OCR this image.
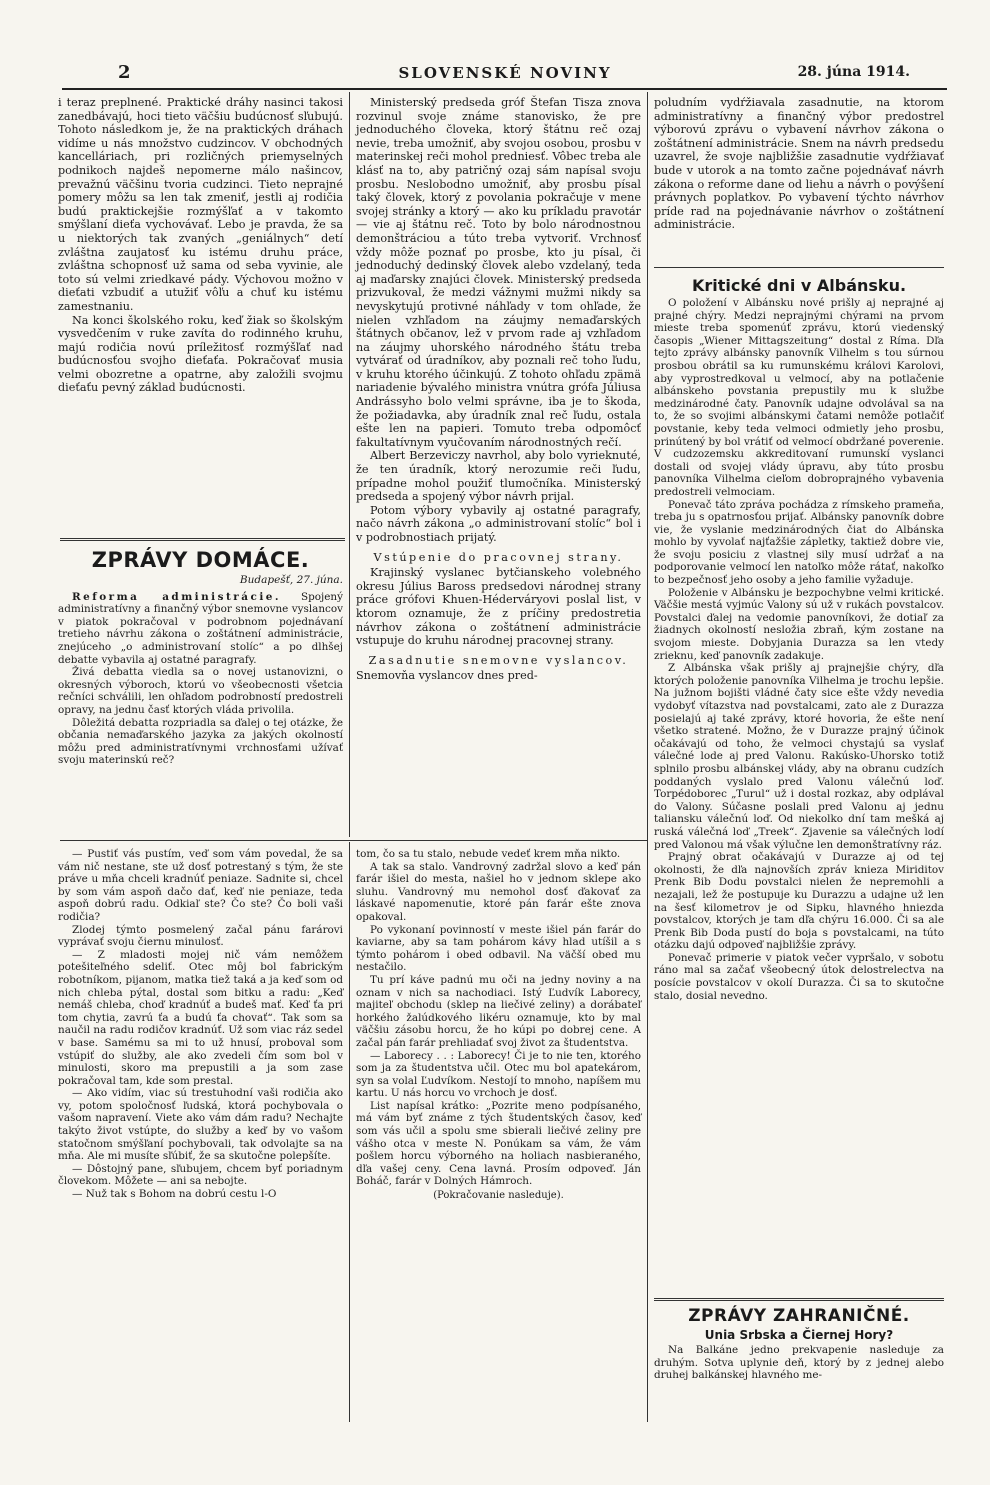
2	SLOVENSKÉ NOVINY	28. júna 1914.

i teraz preplnené. Praktické dráhy nasinci takosi zanedbávajú, hoci tieto väčšiu budúcnosť sľubujú. Tohoto následkom je, že na praktických dráhach vidíme u nás množstvo cudzincov. V obchodných kancelláriach, pri rozličných priemyselných podnikoch najdeš nepomerne málo našincov, prevažnú väčšinu tvoria cudzinci. Tieto neprajné pomery môžu sa len tak zmeniť, jestli aj rodičia budú praktickejšie rozmýšľať a v takomto smýšlaní dieťa vychovávať. Lebo je pravda, že sa u niektorých tak zvaných „geniálnych“ detí zvláštna zaujatosť ku istému druhu práce, zvláštna schopnosť už sama od seba vyvinie, ale toto sú velmi zriedkavé pády. Výchovou možno v dieťati vzbudiť a utužiť vôľu a chuť ku istému zamestnaniu.

Na konci školského roku, keď žiak so školským vysvedčením v ruke zavíta do rodinného kruhu, majú rodičia novú príležitosť rozmýšľať nad budúcnosťou svojho dieťaťa. Pokračovať musia velmi obozretne a opatrne, aby založili svojmu dieťaťu pevný základ budúcnosti.

ZPRÁVY DOMÁCE.
Budapešť, 27. júna.

Reforma administrácie. Spojený administratívny a finančný výbor snemovne vyslancov v piatok pokračoval v podrobnom pojednávaní tretieho návrhu zákona o zoštátnení administrácie, znejúceho „o administrovaní stolíc“ a po dlhšej debatte vybavila aj ostatné paragrafy.

Živá debatta viedla sa o novej ustanovizni, o okresných výboroch, ktorú vo všeobecnosti všetcia rečníci schválili, len ohľadom podrobností predostreli opravy, na jednu časť ktorých vláda privolila.

Dôležitá debatta rozpriadla sa ďalej o tej otázke, že občania nemaďarského jazyka za jakých okolností môžu pred administratívnymi vrchnosťami užívať svoju materinskú reč?

Ministerský predseda gróf Štefan Tisza znova rozvinul svoje známe stanovisko, že pre jednoduchého človeka, ktorý štátnu reč ozaj nevie, treba umožniť, aby svojou osobou, prosbu v materinskej reči mohol predniesť. Vôbec treba ale klásť na to, aby patričný ozaj sám napísal svoju prosbu. Neslobodno umožniť, aby prosbu písal taký človek, ktorý z povolania pokračuje v mene svojej stránky a ktorý — ako ku príkladu pravotár — vie aj štátnu reč. Toto by bolo národnostnou demonštráciou a túto treba vytvoriť. Vrchnosť vždy môže poznať po prosbe, kto ju písal, či jednoduchý dedinský človek alebo vzdelaný, teda aj maďarsky znajúci človek. Ministerský predseda prizvukoval, že medzi vážnymi mužmi nikdy sa nevyskytujú protivné náhľady v tom ohľade, že nielen vzhľadom na záujmy nemaďarských štátnych občanov, lež v prvom rade aj vzhľadom na záujmy uhorského národného štátu treba vytvárať od úradníkov, aby poznali reč toho ľudu, v kruhu ktorého účinkujú. Z tohoto ohľadu zpämä nariadenie bývalého ministra vnútra grófa Júliusa Andrássyho bolo velmi správne, iba je to škoda, že požiadavka, aby úradník znal reč ľudu, ostala ešte len na papieri. Tomuto treba odpomôcť fakultatívnym vyučovaním národnostných rečí.

Albert Berzeviczy navrhol, aby bolo vyrieknuté, že ten úradník, ktorý nerozumie reči ľudu, prípadne mohol použiť tlumočníka. Ministerský predseda a spojený výbor návrh prijal.

Potom výbory vybavily aj ostatné paragrafy, načo návrh zákona „o administrovaní stolíc“ bol i v podrobnostiach prijatý.

Vstúpenie do pracovnej strany.

Krajinský vyslanec bytčianskeho volebného okresu Július Baross predsedovi národnej strany práce grófovi Khuen-Héderváryovi poslal list, v ktorom oznamuje, že z príčiny predostretia návrhov zákona o zoštátnení administrácie vstupuje do kruhu národnej pracovnej strany.

Zasadnutie snemovne vyslancov.

Snemovňa vyslancov dnes pred-

poludním vydŕžiavala zasadnutie, na ktorom administratívny a finančný výbor predostrel výborovú zprávu o vybavení návrhov zákona o zoštátnení administrácie. Snem na návrh predsedu uzavrel, že svoje najbližšie zasadnutie vydŕžiavať bude v utorok a na tomto začne pojednávať návrh zákona o reforme dane od liehu a návrh o povýšení právnych poplatkov. Po vybavení týchto návrhov príde rad na pojednávanie návrhov o zoštátnení administrácie.

Kritické dni v Albánsku.

O položení v Albánsku nové prišly aj neprajné aj prajné chýry. Medzi neprajnými chýrami na prvom mieste treba spomenúť zprávu, ktorú viedenský časopis „Wiener Mittagszeitung“ dostal z Ríma. Dľa tejto zprávy albánsky panovník Vilhelm s tou súrnou prosbou obrátil sa ku rumunskému královi Karolovi, aby vyprostredkoval u velmocí, aby na potlačenie albánskeho povstania prepustily mu k službe medzinárodné čaty. Panovník udajne odvolával sa na to, že so svojimi albánskymi čatami nemôže potlačiť povstanie, keby teda velmoci odmietly jeho prosbu, prinútený by bol vrátiť od velmocí obdržané poverenie. V cudzozemsku akkreditovaní rumunskí vyslanci dostali od svojej vlády úpravu, aby túto prosbu panovníka Vilhelma cieľom dobroprajného vybavenia predostreli velmociam.

Ponevač táto zpráva pochádza z rímskeho prameňa, treba ju s opatrnosťou prijať. Albánsky panovník dobre vie, že vyslanie medzinárodných čiat do Albánska mohlo by vyvolať najťažšie zápletky, taktiež dobre vie, že svoju posiciu z vlastnej sily musí udržať a na podporovanie velmocí len natoľko môže rátať, nakoľko to bezpečnosť jeho osoby a jeho familie vyžaduje.

Položenie v Albánsku je bezpochybne velmi kritické. Väčšie mestá vyjmúc Valony sú už v rukách povstalcov. Povstalci ďalej na vedomie panovníkovi, že dotiaľ za žiadnych okolností nesložia zbraň, kým zostane na svojom mieste. Dobyjania Durazza sa len vtedy zrieknu, keď panovník zadakuje.

Z Albánska však prišly aj prajnejšie chýry, dľa ktorých položenie panovníka Vilhelma je trochu lepšie. Na južnom bojišti vládné čaty sice ešte vždy nevedia vydobyť vítazstva nad povstalcami, zato ale z Durazza posielajú aj také zprávy, ktoré hovoria, že ešte není všetko stratené. Možno, že v Durazze prajný účinok očakávajú od toho, že velmoci chystajú sa vyslať válečné lode aj pred Valonu. Rakúsko-Uhorsko totiž splnilo prosbu albánskej vlády, aby na obranu cudzích poddaných vyslalo pred Valonu válečnú loď. Torpédoborec „Turul“ už i dostal rozkaz, aby odplával do Valony. Súčasne poslali pred Valonu aj jednu taliansku válečnú loď. Od niekolko dní tam mešká aj ruská válečná loď „Treek“. Zjavenie sa válečných lodí pred Valonou má však výlučne len demonštratívny ráz.

Prajný obrat očakávajú v Durazze aj od tej okolnosti, že dľa najnovších zpráv knieza Miriditov Prenk Bib Dodu povstalci nielen že nepremohli a nezajali, lež že postupuje ku Durazzu a udajne už len na šesť kilometrov je od Sipku, hlavného hniezda povstalcov, ktorých je tam dľa chýru 16.000. Či sa ale Prenk Bib Doda pustí do boja s povstalcami, na túto otázku dajú odpoveď najbližšie zprávy.

Ponevač primerie v piatok večer vypršalo, v sobotu ráno mal sa začať všeobecný útok delostrelectva na posície povstalcov v okolí Durazza. Či sa to skutočne stalo, dosial nevedno.

ZPRÁVY ZAHRANIČNÉ.
Unia Srbska a Čiernej Hory?

Na Balkáne jedno prekvapenie nasleduje za druhým. Sotva uplynie deň, ktorý by z jednej alebo druhej balkánskej hlavného me-

— Pustiť vás pustím, veď som vám povedal, že sa vám nič nestane, ste už dosť potrestaný s tým, že ste práve u mňa chceli kradnúť peniaze. Sadnite si, chcel by som vám aspoň dačo dať, keď nie peniaze, teda aspoň dobrú radu. Odkiaľ ste? Čo ste? Čo boli vaši rodičia?

Zlodej týmto posmelený začal pánu farárovi vyprávať svoju čiernu minulosť.

— Z mladosti mojej nič vám nemôžem potešiteľného sdeliť. Otec môj bol fabrickým robotníkom, pijanom, matka tiež taká a ja keď som od nich chleba pýtal, dostal som bitku a radu: „Keď nemáš chleba, choď kradnúť a budeš mať. Keď ťa pri tom chytia, zavrú ťa a budú ťa chovať“. Tak som sa naučil na radu rodičov kradnúť. Už som viac ráz sedel v base. Samému sa mi to už hnusí, proboval som vstúpiť do služby, ale ako zvedeli čím som bol v minulosti, skoro ma prepustili a ja som zase pokračoval tam, kde som prestal.

— Ako vidím, viac sú trestuhodní vaši rodičia ako vy, potom spoločnosť ľudská, ktorá pochybovala o vašom napravení. Viete ako vám dám radu? Nechajte takýto život vstúpte, do služby a keď by vo vašom statočnom smýšľaní pochybovali, tak odvolajte sa na mňa. Ale mi musíte sľúbiť, že sa skutočne polepšíte.

— Dôstojný pane, sľubujem, chcem byť poriadnym človekom. Môžete — ani sa nebojte.

— Nuž tak s Bohom na dobrú cestu l-O

tom, čo sa tu stalo, nebude vedeť krem mňa nikto.

A tak sa stalo. Vandrovný zadržal slovo a keď pán farár išiel do mesta, našiel ho v jednom sklepe ako sluhu. Vandrovný mu nemohol dosť ďakovať za láskavé napomenutie, ktoré pán farár ešte znova opakoval.

Po vykonaní povinností v meste išiel pán farár do kaviarne, aby sa tam pohárom kávy hlad utíšil a s týmto pohárom i obed odbavil. Na väčší obed mu nestačilo.

Tu prí káve padnú mu oči na jedny noviny a na oznam v nich sa nachodiaci. Istý Ľudvík Laborecy, majiteľ obchodu (sklep na liečivé zeliny) a dorábateľ horkého žalúdkového likéru oznamuje, kto by mal väčšiu zásobu horcu, že ho kúpi po dobrej cene. A začal pán farár prehliadať svoj život za študentstva.

— Laborecy . . : Laborecy! Či je to nie ten, ktorého som ja za študentstva učil. Otec mu bol apatekárom, syn sa volal Ľudvíkom. Nestojí to mnoho, napíšem mu kartu. U nás horcu vo vrchoch je dosť.

List napísal krátko: „Pozrite meno podpísaného, má vám byť známe z tých študentských časov, keď som vás učil a spolu sme sbierali liečivé zeliny pre vášho otca v meste N. Ponúkam sa vám, že vám pošlem horcu výborného na holiach nasbieraného, dľa vašej ceny. Cena lavná. Prosím odpoveď. Ján Boháč, farár v Dolných Hámroch.

(Pokračovanie nasleduje).
